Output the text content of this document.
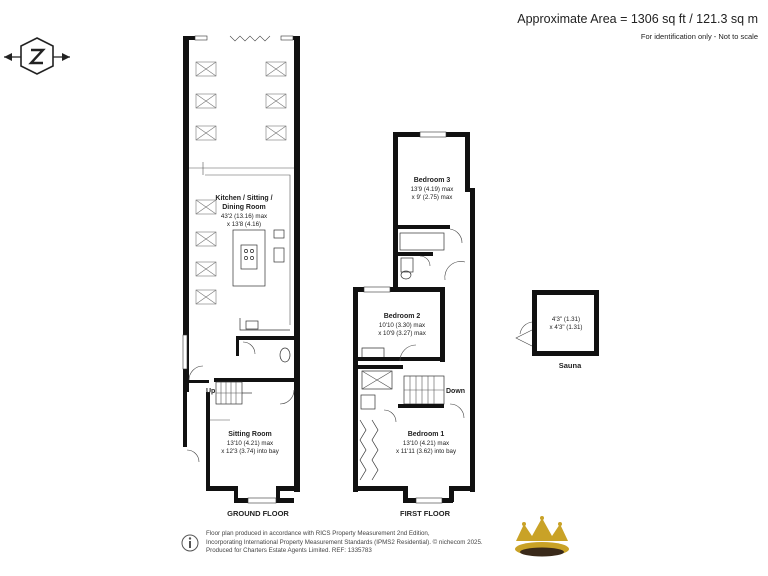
Approximate Area = 1306 sq ft / 121.3 sq m
For identification only - Not to scale
Kitchen / Sitting /
Dining Room
43'2 (13.16) max
x 13'8 (4.16)
Sitting Room
13'10 (4.21) max
x 12'3 (3.74) into bay
Up
GROUND FLOOR
Bedroom 3
13'9 (4.19) max
x 9' (2.75) max
Bedroom 2
10'10 (3.30) max
x 10'9 (3.27) max
Bedroom 1
13'10 (4.21) max
x 11'11 (3.62) into bay
Down
FIRST FLOOR
4'3" (1.31)
x 4'3" (1.31)
Sauna
Floor plan produced in accordance with RICS Property Measurement 2nd Edition,
Incorporating International Property Measurement Standards (IPMS2 Residential). © nichecom 2025.
Produced for Charters Estate Agents Limited. REF: 1335783
